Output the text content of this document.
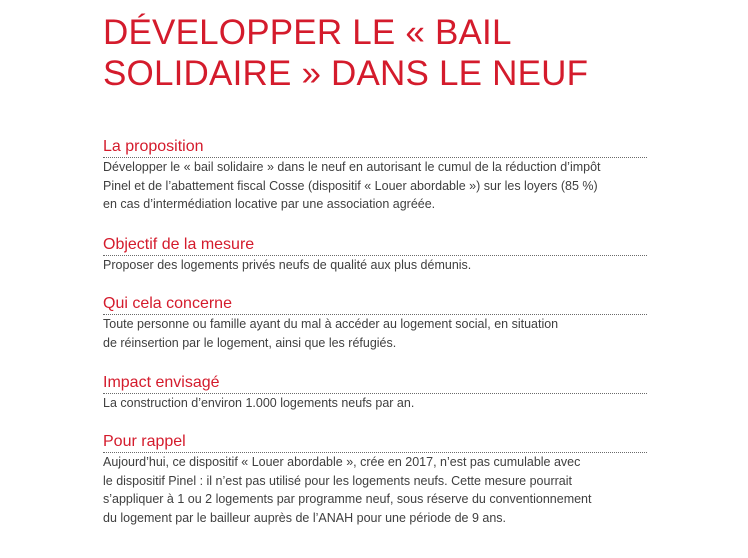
DÉVELOPPER LE « BAIL
SOLIDAIRE » DANS LE NEUF
La proposition

Développer le « bail solidaire » dans le neuf en autorisant le cumul de la réduction d’impôt
Pinel et de l’abattement fiscal Cosse (dispositif « Louer abordable ») sur les loyers (85 %)
en cas d’intermédiation locative par une association agréée.

Objectif de la mesure

Proposer des logements privés neufs de qualité aux plus démunis.

Qui cela concerne

Toute personne ou famille ayant du mal à accéder au logement social, en situation
de réinsertion par le logement, ainsi que les réfugiés.

Impact envisagé

La construction d’environ 1.000 logements neufs par an.

Pour rappel

Aujourd’hui, ce dispositif « Louer abordable », crée en 2017, n’est pas cumulable avec
le dispositif Pinel : il n’est pas utilisé pour les logements neufs. Cette mesure pourrait
s’appliquer à 1 ou 2 logements par programme neuf, sous réserve du conventionnement
du logement par le bailleur auprès de l’ANAH pour une période de 9 ans.
